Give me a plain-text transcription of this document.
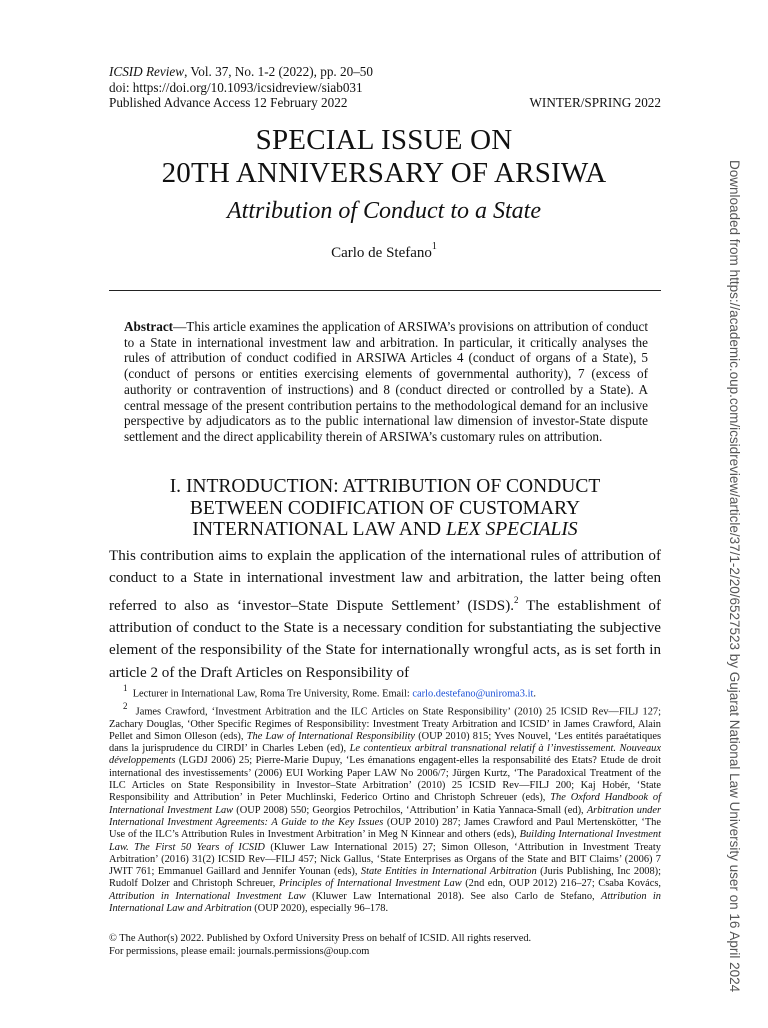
ICSID Review, Vol. 37, No. 1-2 (2022), pp. 20–50
doi: https://doi.org/10.1093/icsidreview/siab031
Published Advance Access 12 February 2022	WINTER/SPRING 2022
SPECIAL ISSUE ON
20TH ANNIVERSARY OF ARSIWA
Attribution of Conduct to a State
Carlo de Stefano$^1$
Abstract—This article examines the application of ARSIWA’s provisions on attribution of conduct to a State in international investment law and arbitration. In particular, it critically analyses the rules of attribution of conduct codified in ARSIWA Articles 4 (conduct of organs of a State), 5 (conduct of persons or entities exercising elements of governmental authority), 7 (excess of authority or contravention of instructions) and 8 (conduct directed or controlled by a State). A central message of the present contribution pertains to the methodological demand for an inclusive perspective by adjudicators as to the public international law dimension of investor-State dispute settlement and the direct applicability therein of ARSIWA’s customary rules on attribution.
I. INTRODUCTION: ATTRIBUTION OF CONDUCT
BETWEEN CODIFICATION OF CUSTOMARY
INTERNATIONAL LAW AND LEX SPECIALIS
This contribution aims to explain the application of the international rules of attribution of conduct to a State in international investment law and arbitration, the latter being often referred to also as ‘investor–State Dispute Settlement’ (ISDS).$^2$ The establishment of attribution of conduct to the State is a necessary condition for substantiating the subjective element of the responsibility of the State for internationally wrongful acts, as is set forth in article 2 of the Draft Articles on Responsibility of

$^1$  Lecturer in International Law, Roma Tre University, Rome. Email: carlo.destefano@uniroma3.it.

$^2$  James Crawford, ‘Investment Arbitration and the ILC Articles on State Responsibility’ (2010) 25 ICSID Rev—FILJ 127; Zachary Douglas, ‘Other Specific Regimes of Responsibility: Investment Treaty Arbitration and ICSID’ in James Crawford, Alain Pellet and Simon Olleson (eds), The Law of International Responsibility (OUP 2010) 815; Yves Nouvel, ‘Les entités paraétatiques dans la jurisprudence du CIRDI’ in Charles Leben (ed), Le contentieux arbitral transnational relatif à l’investissement. Nouveaux développements (LGDJ 2006) 25; Pierre-Marie Dupuy, ‘Les émanations engagent-elles la responsabilité des Etats? Etude de droit international des investissements’ (2006) EUI Working Paper LAW No 2006/7; Jürgen Kurtz, ‘The Paradoxical Treatment of the ILC Articles on State Responsibility in Investor–State Arbitration’ (2010) 25 ICSID Rev—FILJ 200; Kaj Hobér, ‘State Responsibility and Attribution’ in Peter Muchlinski, Federico Ortino and Christoph Schreuer (eds), The Oxford Handbook of International Investment Law (OUP 2008) 550; Georgios Petrochilos, ‘Attribution’ in Katia Yannaca-Small (ed), Arbitration under International Investment Agreements: A Guide to the Key Issues (OUP 2010) 287; James Crawford and Paul Mertenskötter, ‘The Use of the ILC’s Attribution Rules in Investment Arbitration’ in Meg N Kinnear and others (eds), Building International Investment Law. The First 50 Years of ICSID (Kluwer Law International 2015) 27; Simon Olleson, ‘Attribution in Investment Treaty Arbitration’ (2016) 31(2) ICSID Rev—FILJ 457; Nick Gallus, ‘State Enterprises as Organs of the State and BIT Claims’ (2006) 7 JWIT 761; Emmanuel Gaillard and Jennifer Younan (eds), State Entities in International Arbitration (Juris Publishing, Inc 2008); Rudolf Dolzer and Christoph Schreuer, Principles of International Investment Law (2nd edn, OUP 2012) 216–27; Csaba Kovács, Attribution in International Investment Law (Kluwer Law International 2018). See also Carlo de Stefano, Attribution in International Law and Arbitration (OUP 2020), especially 96–178.

© The Author(s) 2022. Published by Oxford University Press on behalf of ICSID. All rights reserved.
For permissions, please email: journals.permissions@oup.com	Downloaded from https://academic.oup.com/icsidreview/article/37/1-2/20/6527523 by Gujarat National Law University user on 16 April 2024
